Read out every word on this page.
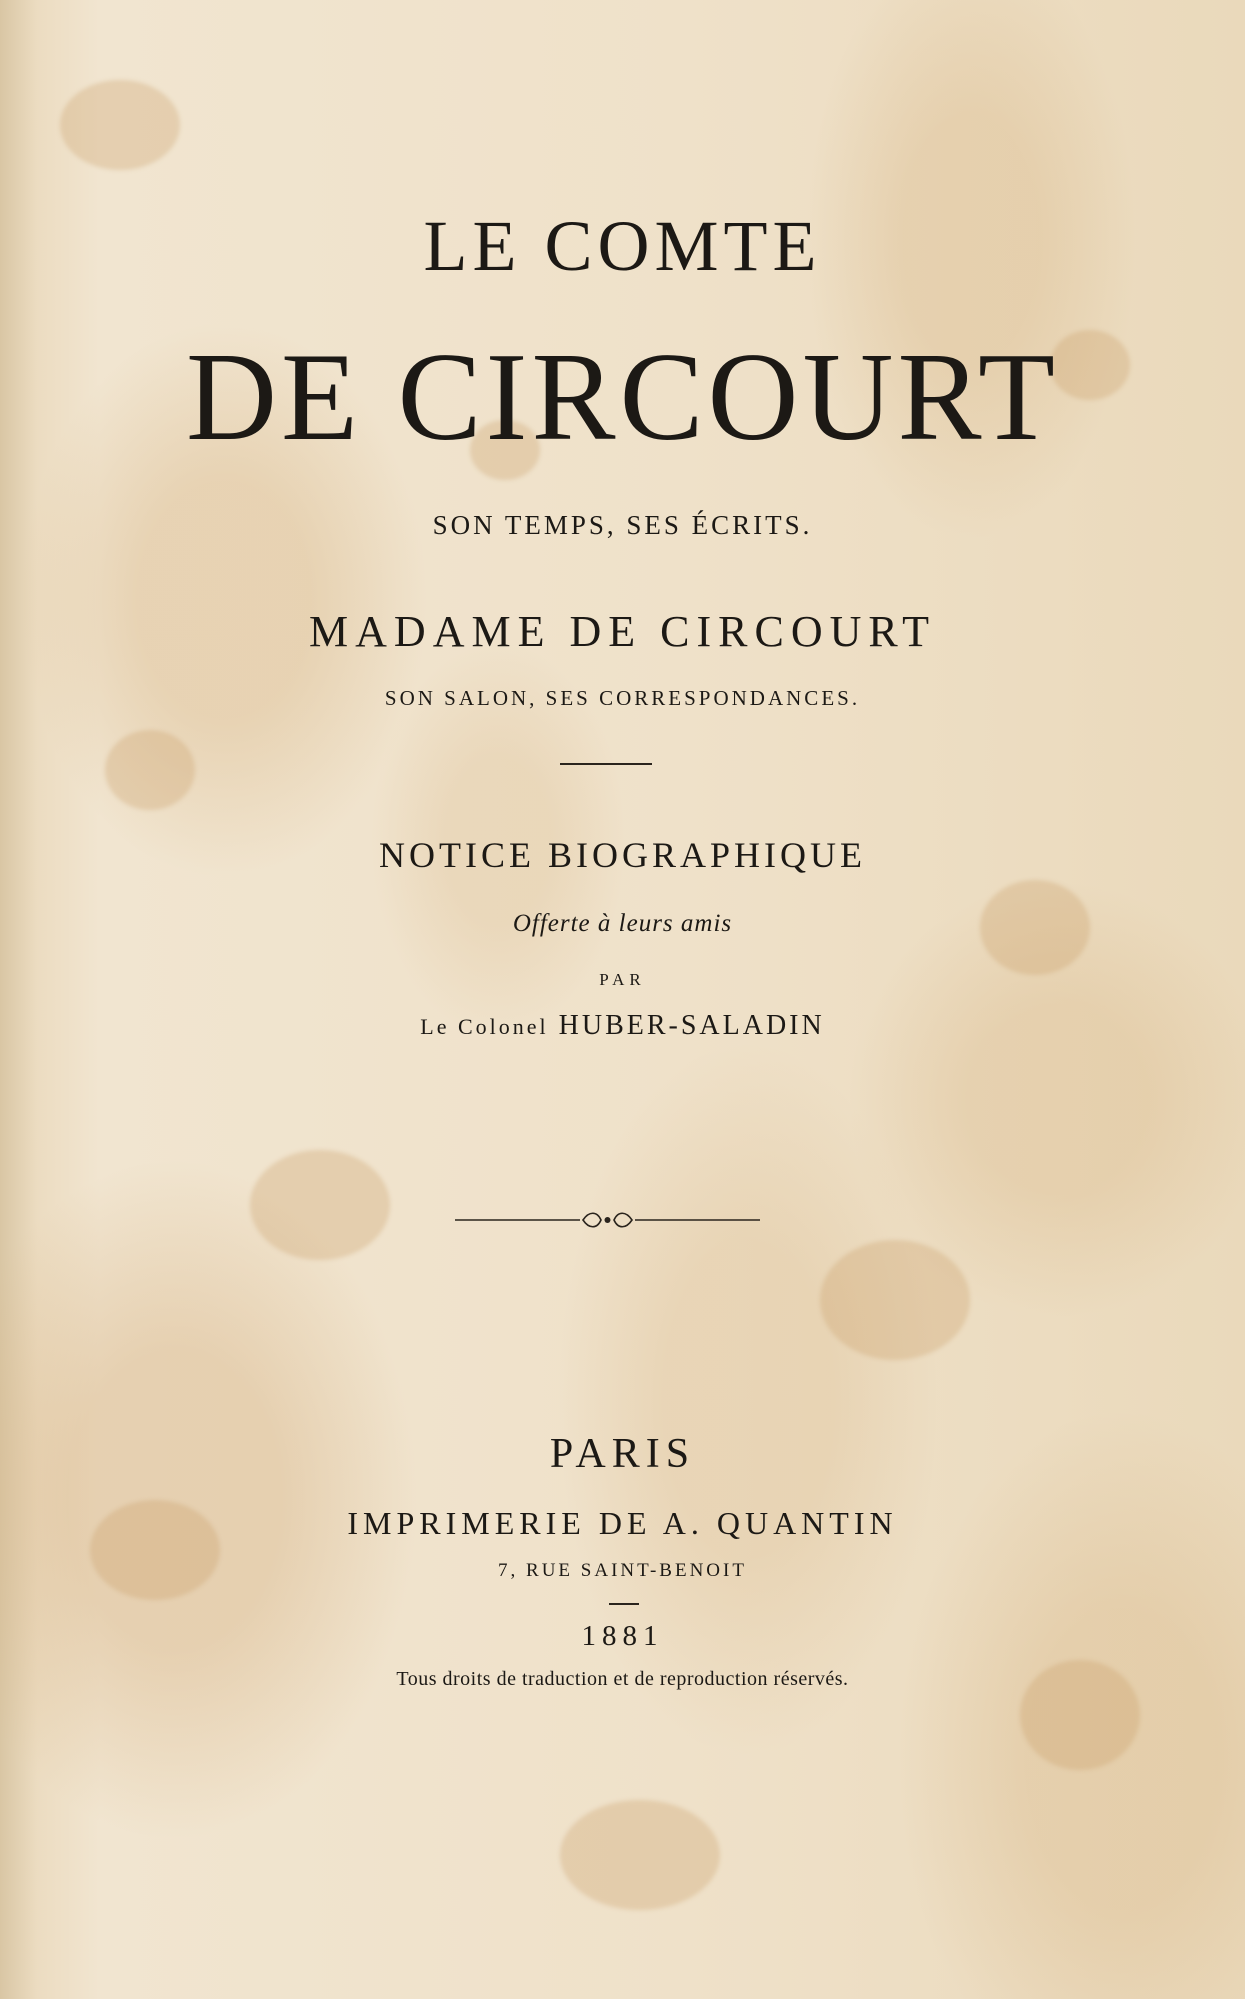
LE COMTE

DE CIRCOURT

SON TEMPS, SES ÉCRITS.

MADAME DE CIRCOURT

SON SALON, SES CORRESPONDANCES.

NOTICE BIOGRAPHIQUE

Offerte à leurs amis

PAR

Le Colonel HUBER-SALADIN

PARIS

IMPRIMERIE DE A. QUANTIN

7, RUE SAINT-BENOIT

1881

Tous droits de traduction et de reproduction réservés.
